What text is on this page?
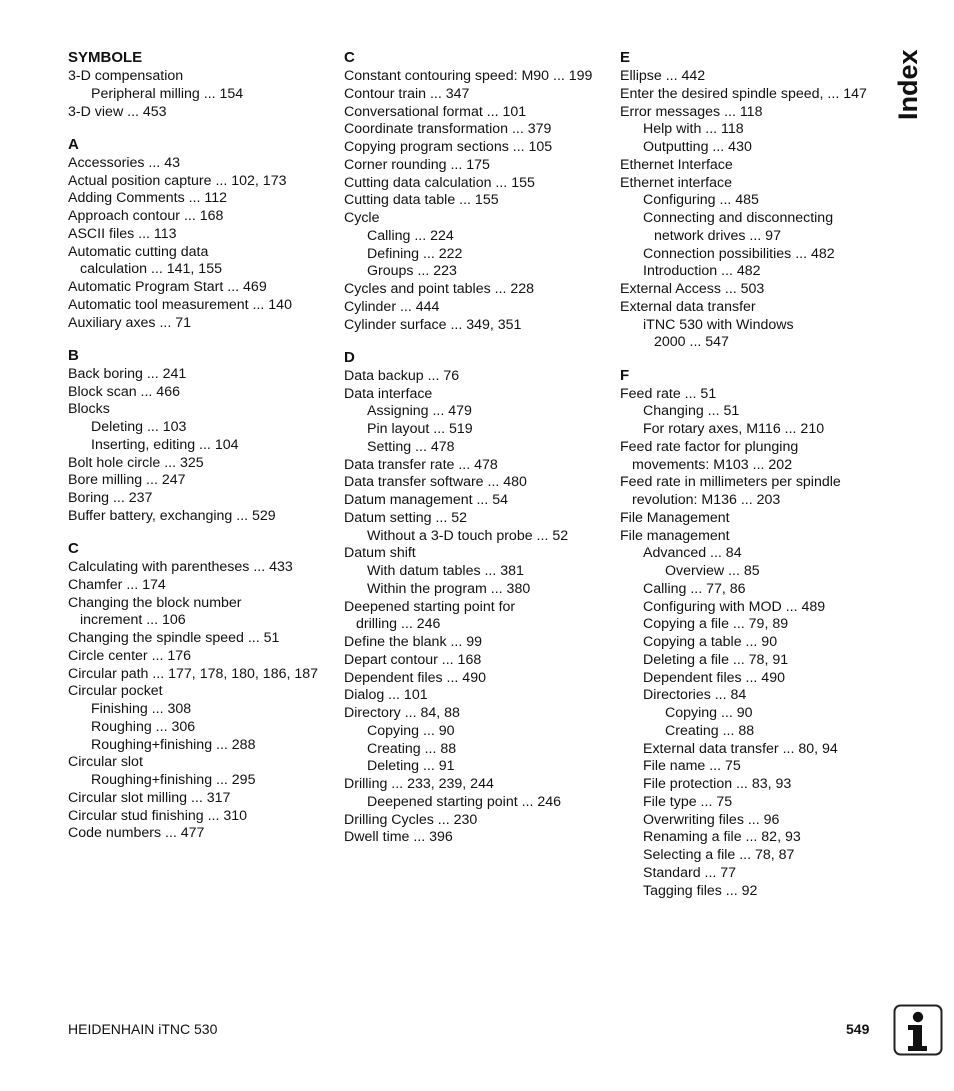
SYMBOLE
3-D compensation
Peripheral milling ... 154
3-D view ... 453
A
Accessories ... 43
Actual position capture ... 102, 173
Adding Comments ... 112
Approach contour ... 168
ASCII files ... 113
Automatic cutting data
calculation ... 141, 155
Automatic Program Start ... 469
Automatic tool measurement ... 140
Auxiliary axes ... 71
B
Back boring ... 241
Block scan ... 466
Blocks
Deleting ... 103
Inserting, editing ... 104
Bolt hole circle ... 325
Bore milling ... 247
Boring ... 237
Buffer battery, exchanging ... 529
C
Calculating with parentheses ... 433
Chamfer ... 174
Changing the block number
increment ... 106
Changing the spindle speed ... 51
Circle center ... 176
Circular path ... 177, 178, 180, 186, 187
Circular pocket
Finishing ... 308
Roughing ... 306
Roughing+finishing ... 288
Circular slot
Roughing+finishing ... 295
Circular slot milling ... 317
Circular stud finishing ... 310
Code numbers ... 477
C
Constant contouring speed: M90 ... 199
Contour train ... 347
Conversational format ... 101
Coordinate transformation ... 379
Copying program sections ... 105
Corner rounding ... 175
Cutting data calculation ... 155
Cutting data table ... 155
Cycle
Calling ... 224
Defining ... 222
Groups ... 223
Cycles and point tables ... 228
Cylinder ... 444
Cylinder surface ... 349, 351
D
Data backup ... 76
Data interface
Assigning ... 479
Pin layout ... 519
Setting ... 478
Data transfer rate ... 478
Data transfer software ... 480
Datum management ... 54
Datum setting ... 52
Without a 3-D touch probe ... 52
Datum shift
With datum tables ... 381
Within the program ... 380
Deepened starting point for
drilling ... 246
Define the blank ... 99
Depart contour ... 168
Dependent files ... 490
Dialog ... 101
Directory ... 84, 88
Copying ... 90
Creating ... 88
Deleting ... 91
Drilling ... 233, 239, 244
Deepened starting point ... 246
Drilling Cycles ... 230
Dwell time ... 396
E
Ellipse ... 442
Enter the desired spindle speed, ... 147
Error messages ... 118
Help with ... 118
Outputting ... 430
Ethernet Interface
Ethernet interface
Configuring ... 485
Connecting and disconnecting
network drives ... 97
Connection possibilities ... 482
Introduction ... 482
External Access ... 503
External data transfer
iTNC 530 with Windows
2000 ... 547
F
Feed rate ... 51
Changing ... 51
For rotary axes, M116 ... 210
Feed rate factor for plunging
movements: M103 ... 202
Feed rate in millimeters per spindle
revolution: M136 ... 203
File Management
File management
Advanced ... 84
Overview ... 85
Calling ... 77, 86
Configuring with MOD ... 489
Copying a file ... 79, 89
Copying a table ... 90
Deleting a file ... 78, 91
Dependent files ... 490
Directories ... 84
Copying ... 90
Creating ... 88
External data transfer ... 80, 94
File name ... 75
File protection ... 83, 93
File type ... 75
Overwriting files ... 96
Renaming a file ... 82, 93
Selecting a file ... 78, 87
Standard ... 77
Tagging files ... 92
Index
HEIDENHAIN iTNC 530	549
